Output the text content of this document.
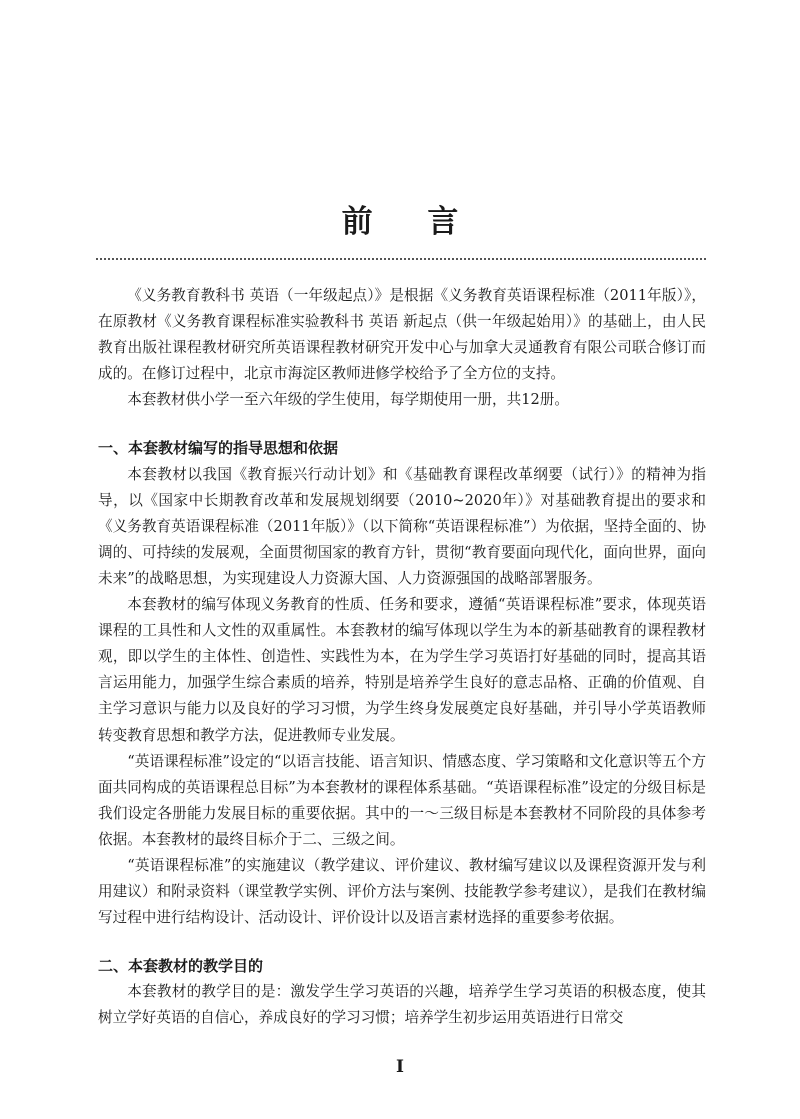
前 言

《义务教育教科书 英语（一年级起点）》是根据《义务教育英语课程标准（2011年版）》，在原教材《义务教育课程标准实验教科书 英语 新起点（供一年级起始用）》的基础上，由人民教育出版社课程教材研究所英语课程教材研究开发中心与加拿大灵通教育有限公司联合修订而成的。在修订过程中，北京市海淀区教师进修学校给予了全方位的支持。

本套教材供小学一至六年级的学生使用，每学期使用一册，共12册。

一、本套教材编写的指导思想和依据

本套教材以我国《教育振兴行动计划》和《基础教育课程改革纲要（试行）》的精神为指导，以《国家中长期教育改革和发展规划纲要（2010~2020年）》对基础教育提出的要求和《义务教育英语课程标准（2011年版）》（以下简称“英语课程标准”）为依据，坚持全面的、协调的、可持续的发展观，全面贯彻国家的教育方针，贯彻“教育要面向现代化，面向世界，面向未来”的战略思想，为实现建设人力资源大国、人力资源强国的战略部署服务。

本套教材的编写体现义务教育的性质、任务和要求，遵循“英语课程标准”要求，体现英语课程的工具性和人文性的双重属性。本套教材的编写体现以学生为本的新基础教育的课程教材观，即以学生的主体性、创造性、实践性为本，在为学生学习英语打好基础的同时，提高其语言运用能力，加强学生综合素质的培养，特别是培养学生良好的意志品格、正确的价值观、自主学习意识与能力以及良好的学习习惯，为学生终身发展奠定良好基础，并引导小学英语教师转变教育思想和教学方法，促进教师专业发展。

“英语课程标准”设定的“以语言技能、语言知识、情感态度、学习策略和文化意识等五个方面共同构成的英语课程总目标”为本套教材的课程体系基础。“英语课程标准”设定的分级目标是我们设定各册能力发展目标的重要依据。其中的一～三级目标是本套教材不同阶段的具体参考依据。本套教材的最终目标介于二、三级之间。

“英语课程标准”的实施建议（教学建议、评价建议、教材编写建议以及课程资源开发与利用建议）和附录资料（课堂教学实例、评价方法与案例、技能教学参考建议），是我们在教材编写过程中进行结构设计、活动设计、评价设计以及语言素材选择的重要参考依据。

二、本套教材的教学目的

本套教材的教学目的是：激发学生学习英语的兴趣，培养学生学习英语的积极态度，使其树立学好英语的自信心，养成良好的学习习惯；培养学生初步运用英语进行日常交

I
